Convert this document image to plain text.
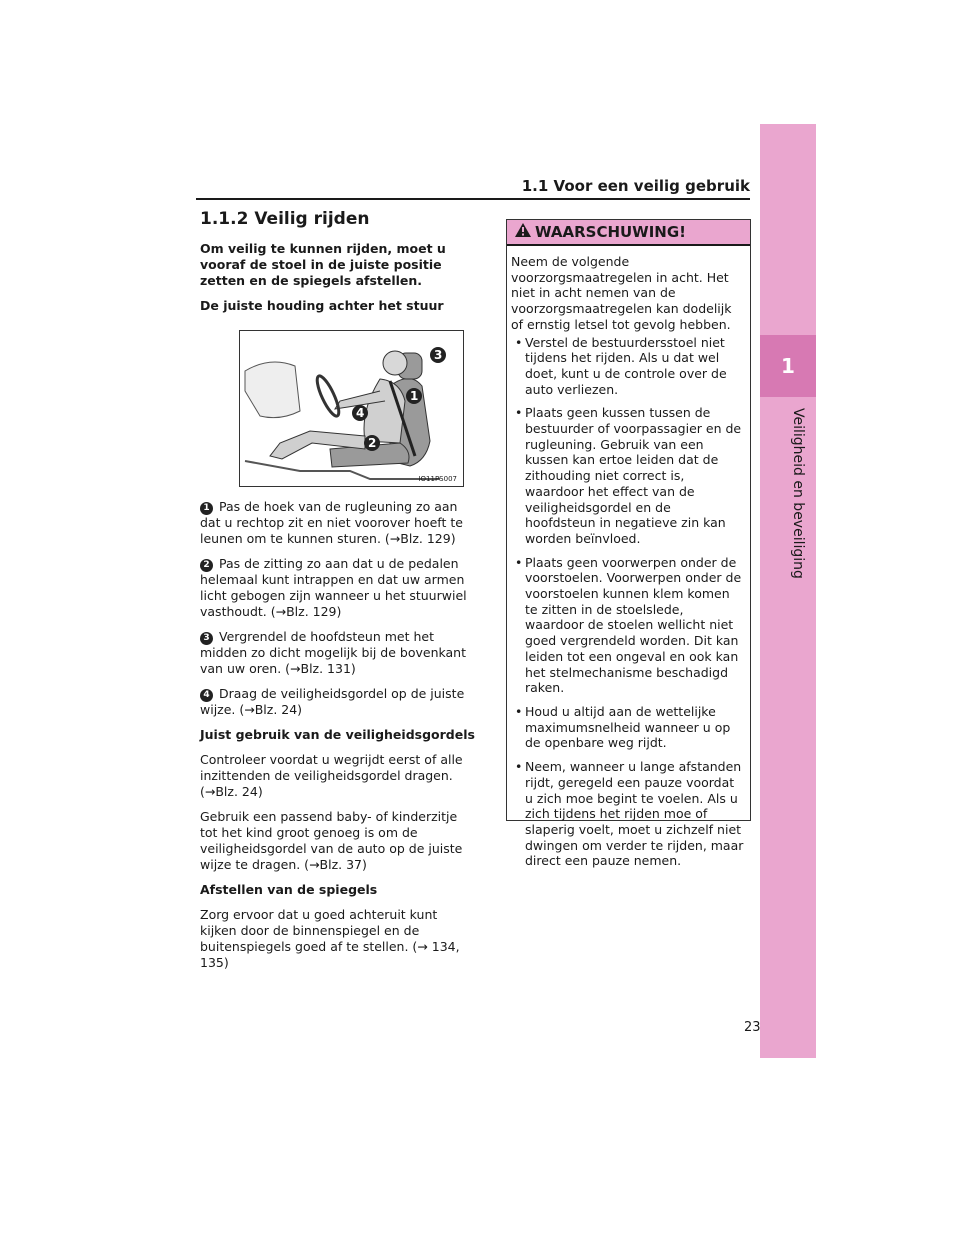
1
Veiligheid en beveiliging
1.1 Voor een veilig gebruik
1.1.2 Veilig rijden

Om veilig te kunnen rijden, moet u vooraf de stoel in de juiste positie zetten en de spiegels afstellen.

De juiste houding achter het stuur

3
1
4
2
IO11PS007

1 Pas de hoek van de rugleuning zo aan dat u rechtop zit en niet voorover hoeft te leunen om te kunnen sturen. (→Blz. 129)

2 Pas de zitting zo aan dat u de pedalen helemaal kunt intrappen en dat uw armen licht gebogen zijn wanneer u het stuurwiel vasthoudt. (→Blz. 129)

3 Vergrendel de hoofdsteun met het midden zo dicht mogelijk bij de bovenkant van uw oren. (→Blz. 131)

4 Draag de veiligheidsgordel op de juiste wijze. (→Blz. 24)

Juist gebruik van de veiligheidsgordels

Controleer voordat u wegrijdt eerst of alle inzittenden de veiligheidsgordel dragen. (→Blz. 24)

Gebruik een passend baby- of kinderzitje tot het kind groot genoeg is om de veiligheidsgordel van de auto op de juiste wijze te dragen. (→Blz. 37)

Afstellen van de spiegels

Zorg ervoor dat u goed achteruit kunt kijken door de binnenspiegel en de buitenspiegels goed af te stellen. (→ 134, 135)

WAARSCHUWING!

Neem de volgende voorzorgsmaatregelen in acht. Het niet in acht nemen van de voorzorgsmaatregelen kan dodelijk of ernstig letsel tot gevolg hebben.

• Verstel de bestuurdersstoel niet tijdens het rijden. Als u dat wel doet, kunt u de controle over de auto verliezen.
• Plaats geen kussen tussen de bestuurder of voorpassagier en de rugleuning. Gebruik van een kussen kan ertoe leiden dat de zithouding niet correct is, waardoor het effect van de veiligheidsgordel en de hoofdsteun in negatieve zin kan worden beïnvloed.
• Plaats geen voorwerpen onder de voorstoelen. Voorwerpen onder de voorstoelen kunnen klem komen te zitten in de stoelslede, waardoor de stoelen wellicht niet goed vergrendeld worden. Dit kan leiden tot een ongeval en ook kan het stelmechanisme beschadigd raken.
• Houd u altijd aan de wettelijke maximumsnelheid wanneer u op de openbare weg rijdt.
• Neem, wanneer u lange afstanden rijdt, geregeld een pauze voordat u zich moe begint te voelen. Als u zich tijdens het rijden moe of slaperig voelt, moet u zichzelf niet dwingen om verder te rijden, maar direct een pauze nemen.
23
